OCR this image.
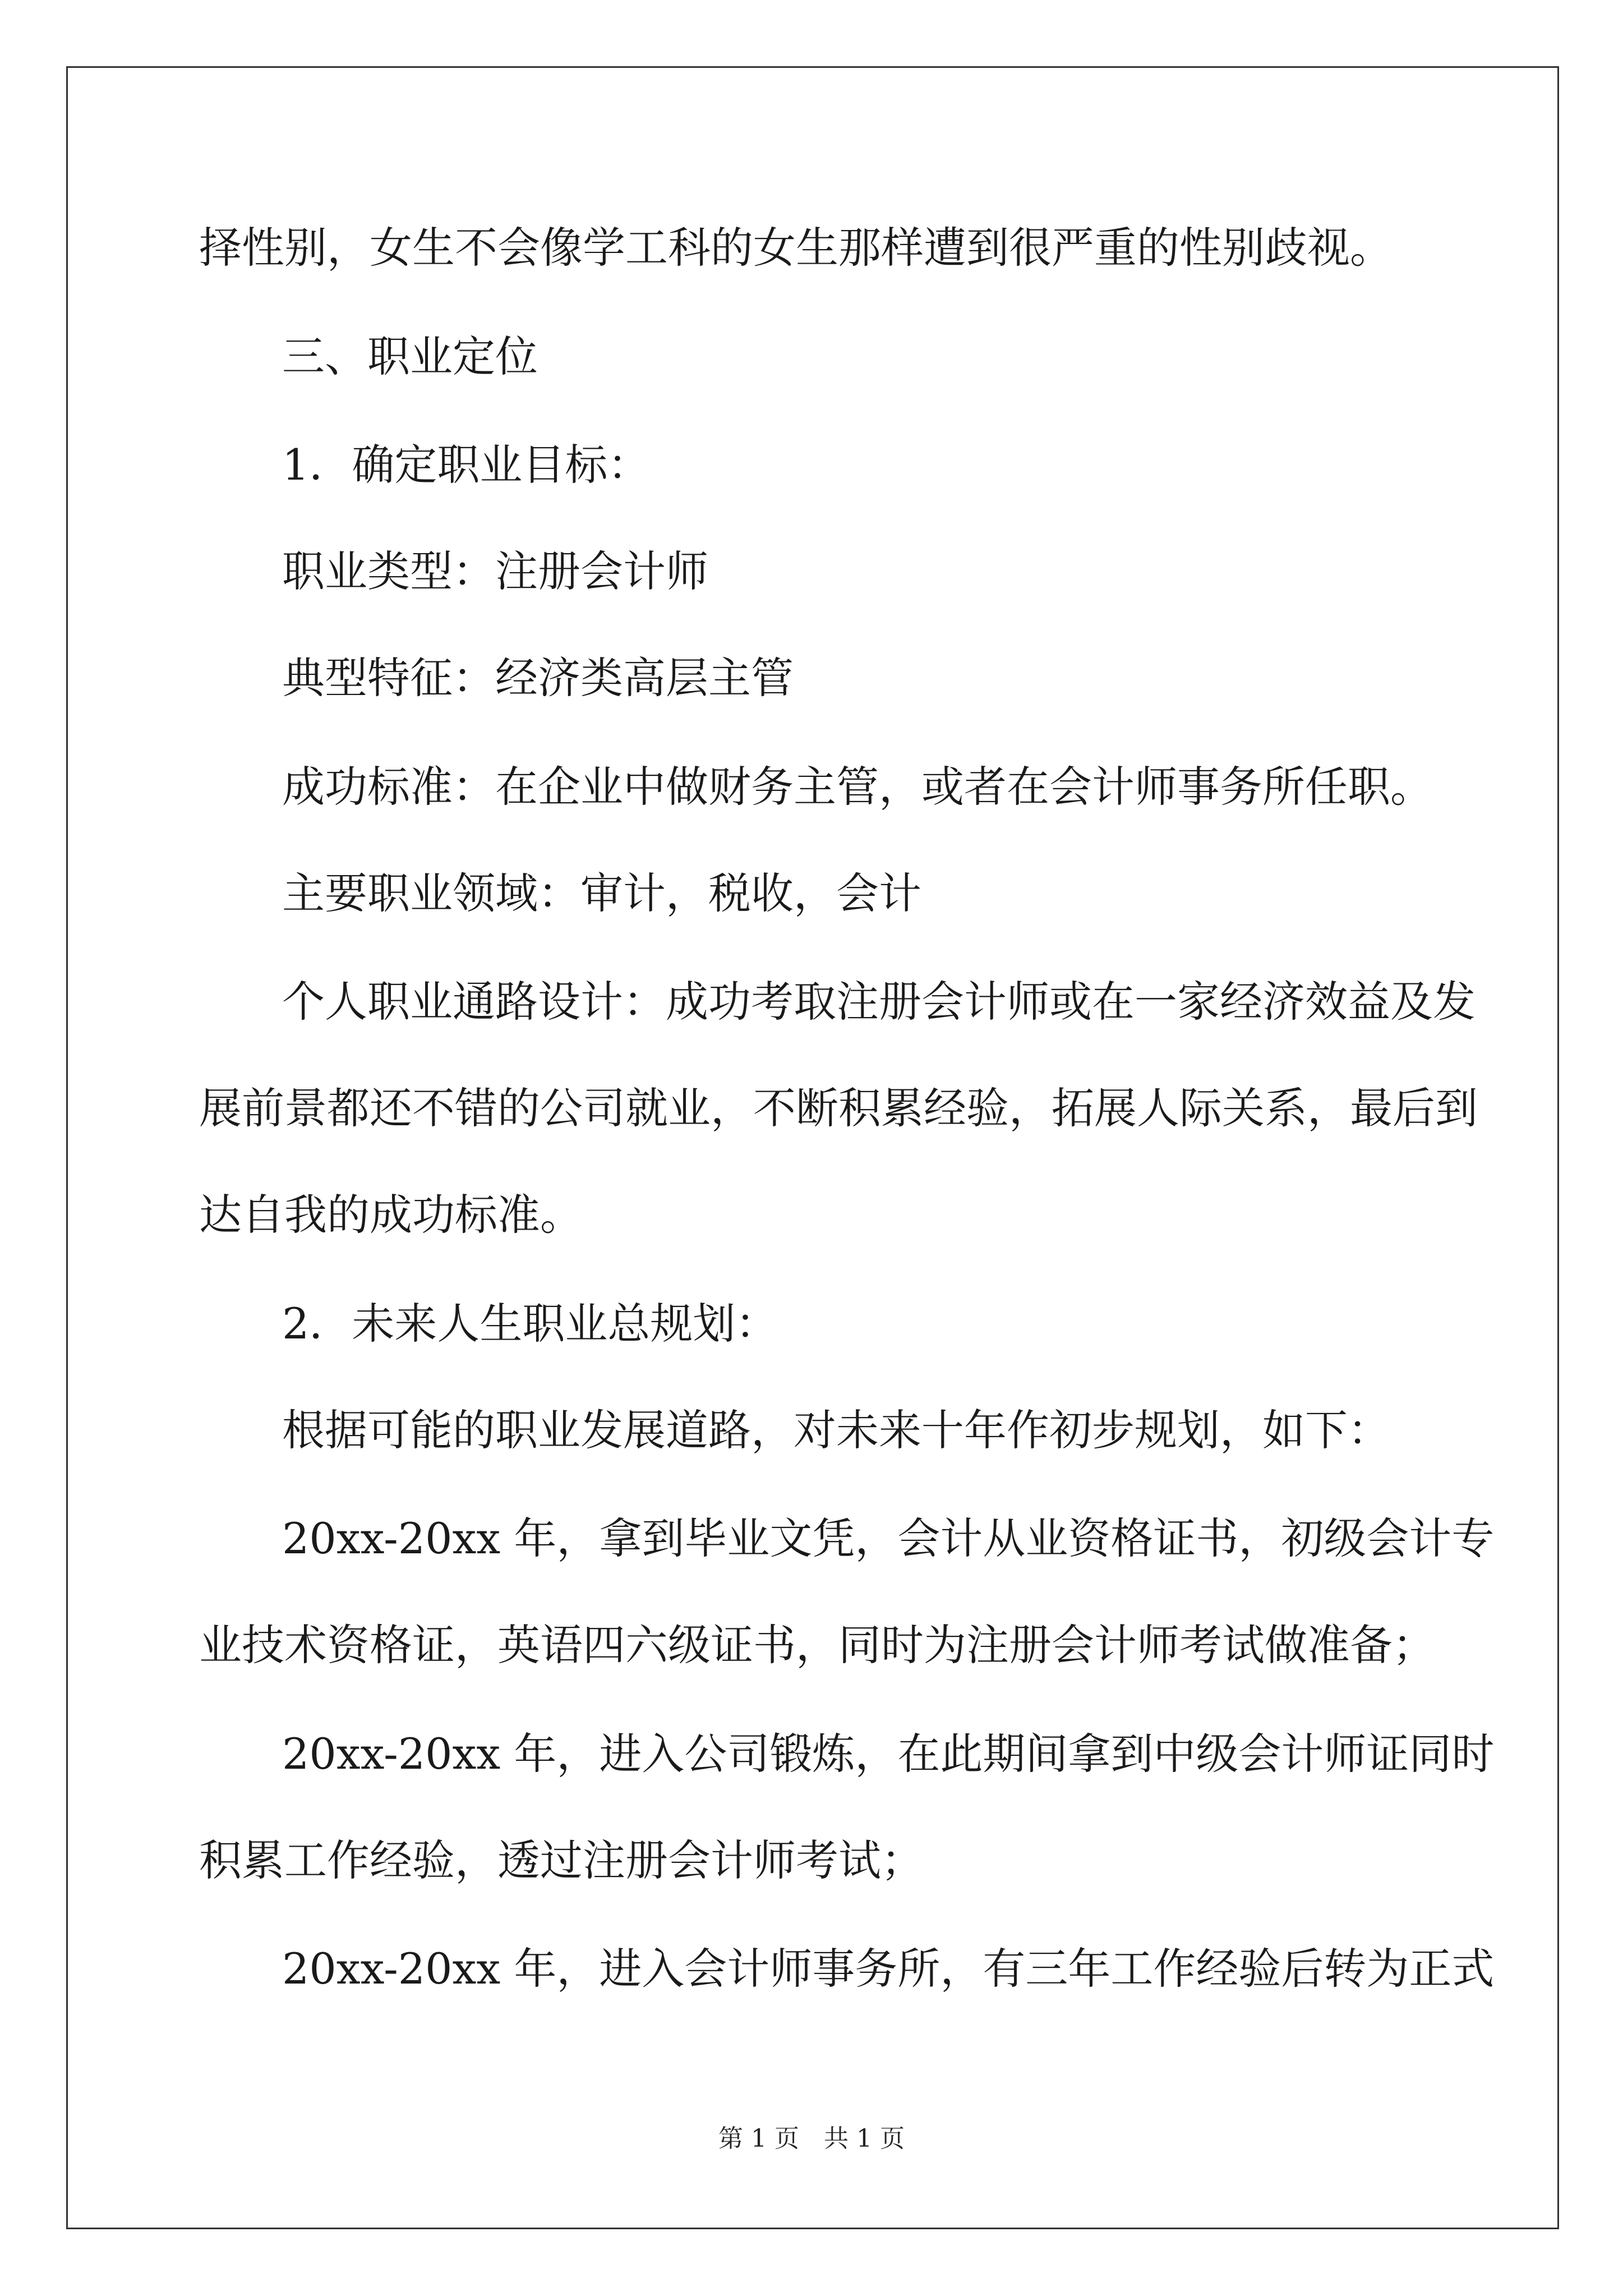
择性别，女生不会像学工科的女生那样遭到很严重的性别歧视。
三、职业定位
1．确定职业目标：
职业类型：注册会计师
典型特征：经济类高层主管
成功标准：在企业中做财务主管，或者在会计师事务所任职。
主要职业领域：审计，税收，会计
个人职业通路设计：成功考取注册会计师或在一家经济效益及发
展前景都还不错的公司就业，不断积累经验，拓展人际关系，最后到
达自我的成功标准。
2．未来人生职业总规划：
根据可能的职业发展道路，对未来十年作初步规划，如下：
20xx-20xx 年，拿到毕业文凭，会计从业资格证书，初级会计专
业技术资格证，英语四六级证书，同时为注册会计师考试做准备；
20xx-20xx 年，进入公司锻炼，在此期间拿到中级会计师证同时
积累工作经验，透过注册会计师考试；
20xx-20xx 年，进入会计师事务所，有三年工作经验后转为正式
第 1 页　共 1 页
